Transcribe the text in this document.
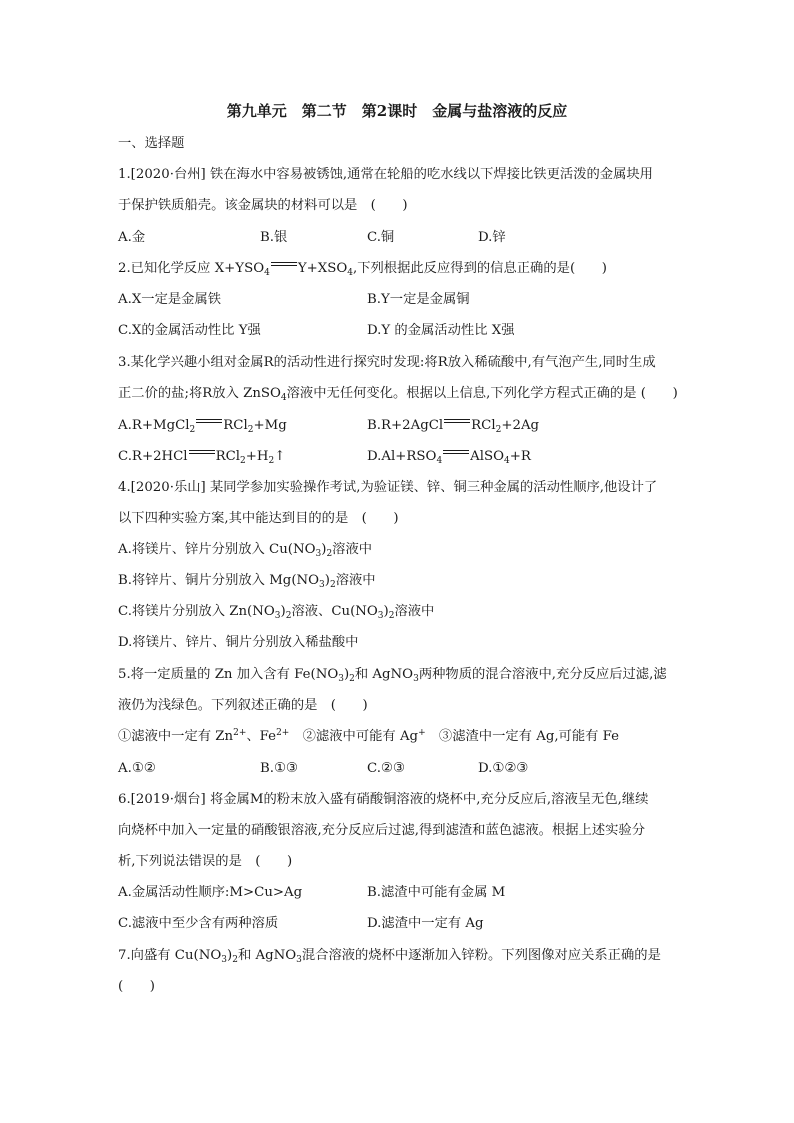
第九单元　第二节　第2课时　金属与盐溶液的反应
一、选择题
1.[2020·台州] 铁在海水中容易被锈蚀,通常在轮船的吃水线以下焊接比铁更活泼的金属块用
于保护铁质船壳。该金属块的材料可以是　(　　)
A.金	B.银	C.铜	D.锌
2.已知化学反应 $X+YSO_4$ $Y+XSO_4$,下列根据此反应得到的信息正确的是(　　)
A.X一定是金属铁	B.Y一定是金属铜
C.X的金属活动性比 Y强	D.Y 的金属活动性比 X强
3.某化学兴趣小组对金属R的活动性进行探究时发现:将R放入稀硫酸中,有气泡产生,同时生成
正二价的盐;将R放入 ZnSO$_4$溶液中无任何变化。根据以上信息,下列化学方程式正确的是 (　　)
A.R+MgCl$_2$ RCl$_2$+Mg	B.R+2AgCl RCl$_2$+2Ag
C.R+2HCl $RCl_2+H_2↑$	$D.Al+RSO_4$ AlSO$_4$+R
4.[2020·乐山] 某同学参加实验操作考试,为验证镁、锌、铜三种金属的活动性顺序,他设计了
以下四种实验方案,其中能达到目的的是　(　　)
A.将镁片、锌片分别放入 $Cu(NO_3)_2$溶液中
B.将锌片、铜片分别放入 $Mg(NO_3)_2$溶液中
C.将镁片分别放入 $Zn(NO_3)_2$溶液、$Cu(NO_3)_2$溶液中
D.将镁片、锌片、铜片分别放入稀盐酸中
5.将一定质量的 Zn 加入含有 $Fe(NO_3)_2$和 AgNO$_3$两种物质的混合溶液中,充分反应后过滤,滤
液仍为浅绿色。下列叙述正确的是　(　　)
①滤液中一定有 $Zn^{2+}$、$Fe^{2+}$　②滤液中可能有 Ag+　③滤渣中一定有 Ag,可能有 Fe
A.①②	B.①③	C.②③	D.①②③
6.[2019·烟台] 将金属M的粉末放入盛有硝酸铜溶液的烧杯中,充分反应后,溶液呈无色,继续
向烧杯中加入一定量的硝酸银溶液,充分反应后过滤,得到滤渣和蓝色滤液。根据上述实验分
析,下列说法错误的是　(　　)
A.金属活动性顺序:M>Cu>Ag	B.滤渣中可能有金属 M
C.滤液中至少含有两种溶质	D.滤渣中一定有 Ag
7.向盛有 $Cu(NO_3)_2$和 AgNO$_3$混合溶液的烧杯中逐渐加入锌粉。下列图像对应关系正确的是
(　　)
